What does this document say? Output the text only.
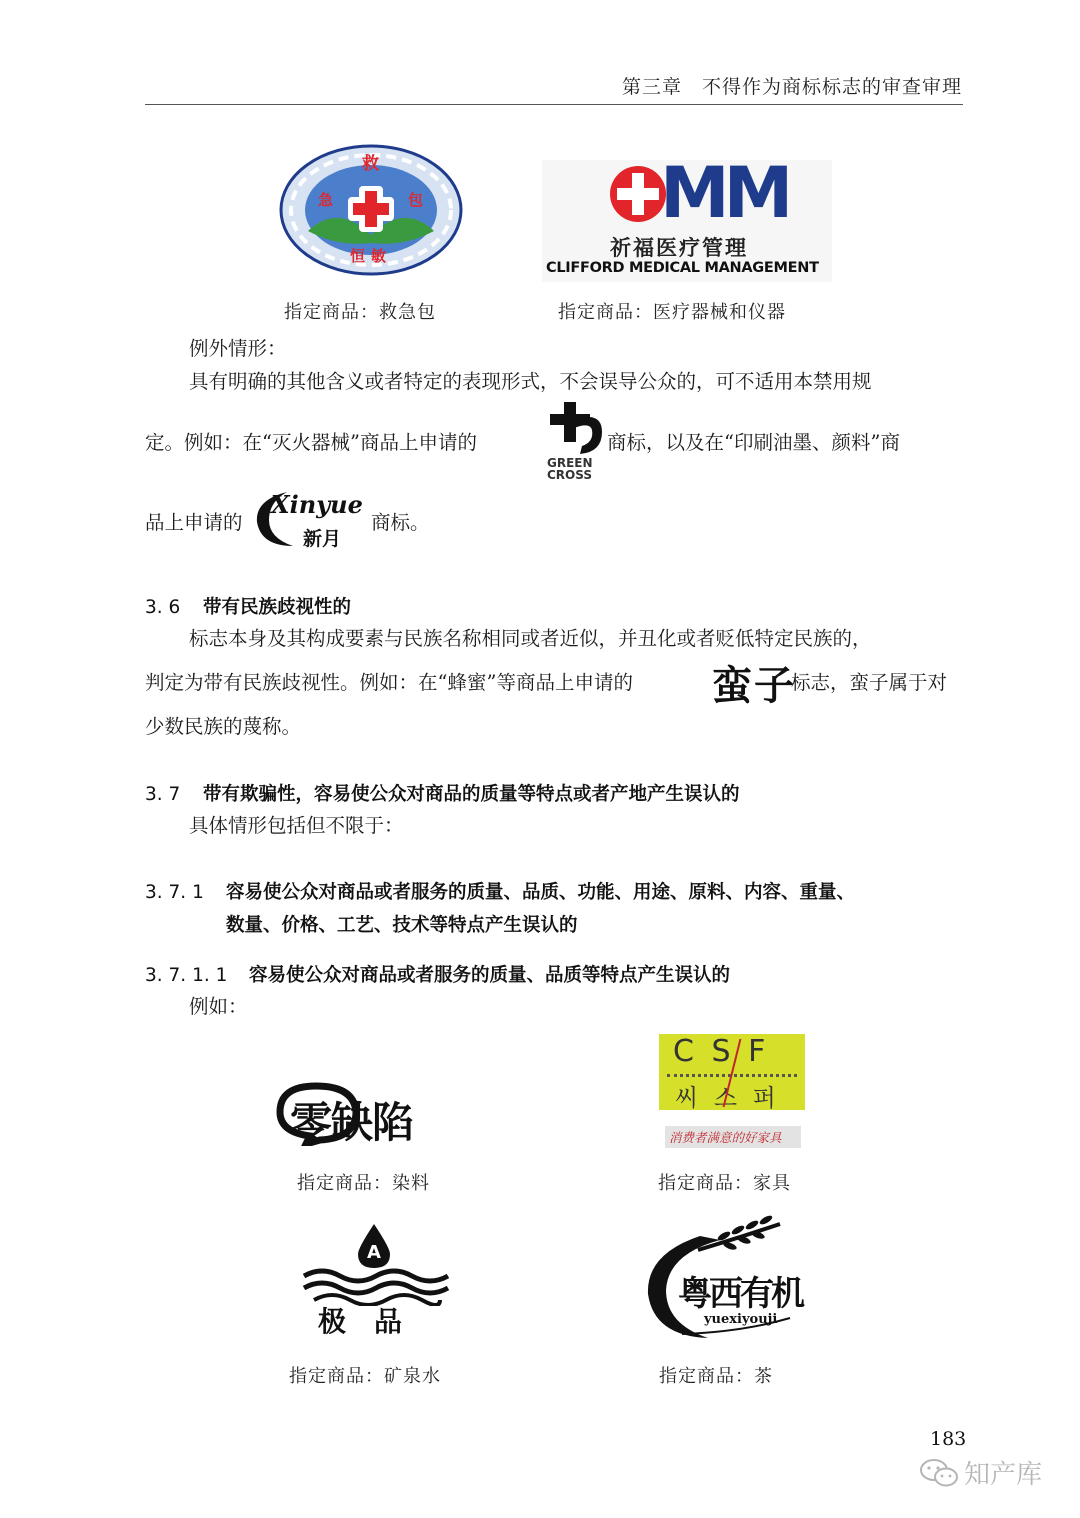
第三章　不得作为商标标志的审查审理
救
急	包
恒敏
MM
祈福医疗管理
CLIFFORD MEDICAL MANAGEMENT
指定商品：救急包	指定商品：医疗器械和仪器
例外情形：
具有明确的其他含义或者特定的表现形式，不会误导公众的，可不适用本禁用规
定。例如：在“灭火器械”商品上申请的
GREEN
CROSS
商标，以及在“印刷油墨、颜料”商
品上申请的
Xinyue
新月
商标。
3. 6 带有民族歧视性的
标志本身及其构成要素与民族名称相同或者近似，并丑化或者贬低特定民族的，
判定为带有民族歧视性。例如：在“蜂蜜”等商品上申请的 蛮子
标志，蛮子属于对
少数民族的蔑称。
3. 7 带有欺骗性，容易使公众对商品的质量等特点或者产地产生误认的
具体情形包括但不限于：
3. 7. 1 容易使公众对商品或者服务的质量、品质、功能、用途、原料、内容、重量、
数量、价格、工艺、技术等特点产生误认的
3. 7. 1. 1 容易使公众对商品或者服务的质量、品质等特点产生误认的
例如：
零缺陷
C S F
씨 스 퍼
消费者满意的好家具
指定商品：染料	指定商品：家具
A
极　品
粤西有机
yuexiyouji
指定商品：矿泉水	指定商品：茶
183
知产库
